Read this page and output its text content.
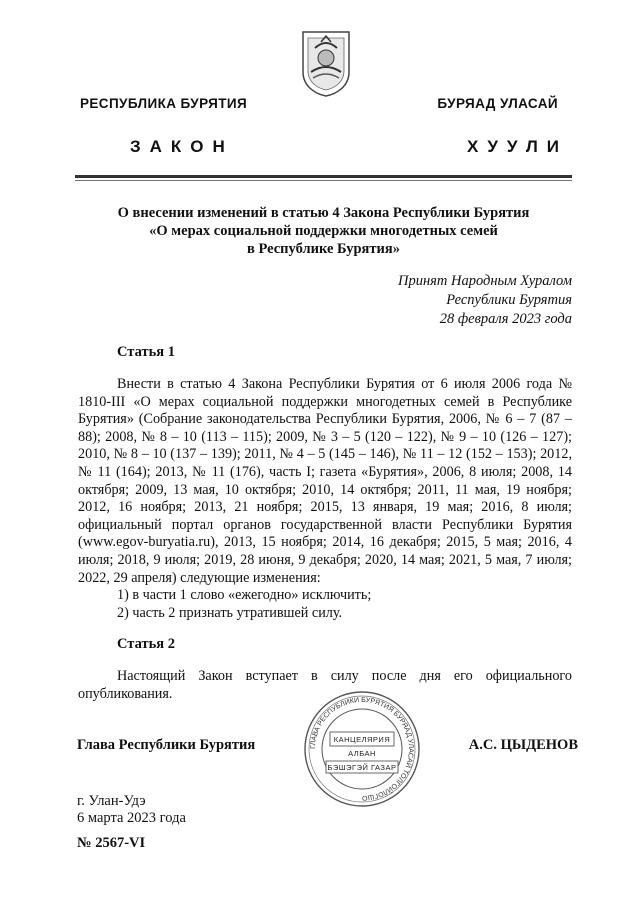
РЕСПУБЛИКА БУРЯТИЯ	БУРЯАД УЛАСАЙ
ЗАКОН	ХУУЛИ
О внесении изменений в статью 4 Закона Республики Бурятия
«О мерах социальной поддержки многодетных семей
в Республике Бурятия»
Принят Народным Хуралом
Республики Бурятия
28 февраля 2023 года
Статья 1

Внести в статью 4 Закона Республики Бурятия от 6 июля 2006 года № 1810-III «О мерах социальной поддержки многодетных семей в Республике Бурятия» (Собрание законодательства Республики Бурятия, 2006, № 6 – 7 (87 – 88); 2008, № 8 – 10 (113 – 115); 2009, № 3 – 5 (120 – 122), № 9 – 10 (126 – 127); 2010, № 8 – 10 (137 – 139); 2011, № 4 – 5 (145 – 146), № 11 – 12 (152 – 153); 2012, № 11 (164); 2013, № 11 (176), часть I; газета «Бурятия», 2006, 8 июля; 2008, 14 октября; 2009, 13 мая, 10 октября; 2010, 14 октября; 2011, 11 мая, 19 ноября; 2012, 16 ноября; 2013, 21 ноября; 2015, 13 января, 19 мая; 2016, 8 июля; официальный портал органов государственной власти Республики Бурятия (www.egov-buryatia.ru), 2013, 15 ноября; 2014, 16 декабря; 2015, 5 мая; 2016, 4 июля; 2018, 9 июля; 2019, 28 июня, 9 декабря; 2020, 14 мая; 2021, 5 мая, 7 июля; 2022, 29 апреля) следующие изменения:

1) в части 1 слово «ежегодно» исключить;
2) часть 2 признать утратившей силу.
Статья 2

Настоящий Закон вступает в силу после дня его официального опубликования.

ГЛАВА РЕСПУБЛИКИ БУРЯТИЯ БУРЯАД УЛАСАЙ ТОЛГОЙЛОГШО
КАНЦЕЛЯРИЯ
АЛБАН
БЭШЭГЭЙ ГАЗАР
Глава Республики Бурятия	А.С. ЦЫДЕНОВ
г. Улан-Удэ
6 марта 2023 года
№ 2567-VI
